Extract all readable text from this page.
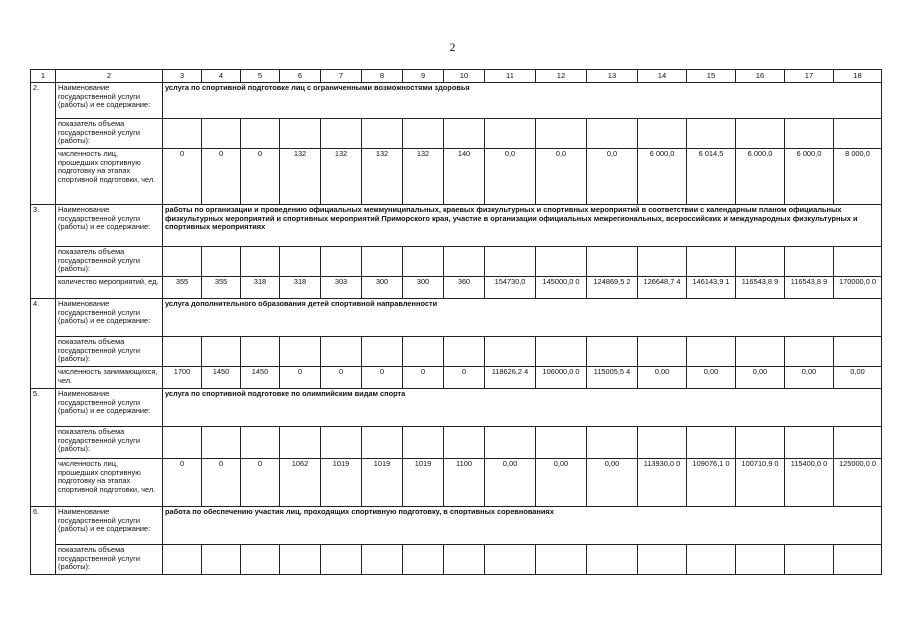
2
1	2	3	4	5	6	7	8	9	10	11	12	13	14	15	16	17	18
2.	Наименование государственной услуги (работы) и ее содержание:	услуга по спортивной подготовке лиц с ограниченными возможностями здоровья															
	показатель объема государственной услуги (работы):																
	численность лиц, прошедших спортивную подготовку на этапах спортивной подготовки, чел.	0	0	0	132	132	132	132	140	0,0	0,0	0,0	6 000,0	6 014,5	6 000,0	6 000,0	8 000,0
3.	Наименование государственной услуги (работы) и ее содержание:	работы по организации и проведению официальных межмуниципальных, краевых физкультурных и спортивных мероприятий в соответствии с календарным планом официальных физкультурных мероприятий и спортивных мероприятий Приморского края, участие в организации официальных межрегиональных, всероссийских и международных физкультурных и спортивных мероприятиях															
	показатель объема государственной услуги (работы):																
	количество мероприятий, ед.	355	355	318	318	303	300	300	360	154730,0	145000,0 0	124869,5 2	126648,7 4	146143,9 1	116543,8 9	116543,8 9	170000,0 0
4.	Наименование государственной услуги (работы) и ее содержание:	услуга дополнительного образования детей спортивной направленности															
	показатель объема государственной услуги (работы):																
	численность занимающихся, чел.	1700	1450	1450	0	0	0	0	0	118626,2 4	106000,0 0	115005,5 4	0,00	0,00	0,00	0,00	0,00
5.	Наименование государственной услуги (работы) и ее содержание:	услуга по спортивной подготовке по олимпийским видам спорта															
	показатель объема государственной услуги (работы):																
	численность лиц, прошедших спортивную подготовку на этапах спортивной подготовки, чел.	0	0	0	1062	1019	1019	1019	1100	0,00	0,00	0,00	113930,0 0	109076,1 0	100710,9 0	115400,0 0	125000,0 0
6.	Наименование государственной услуги (работы) и ее содержание:	работа по обеспечению участия лиц, проходящих спортивную подготовку, в спортивных соревнованиях															
	показатель объема государственной услуги (работы):																
